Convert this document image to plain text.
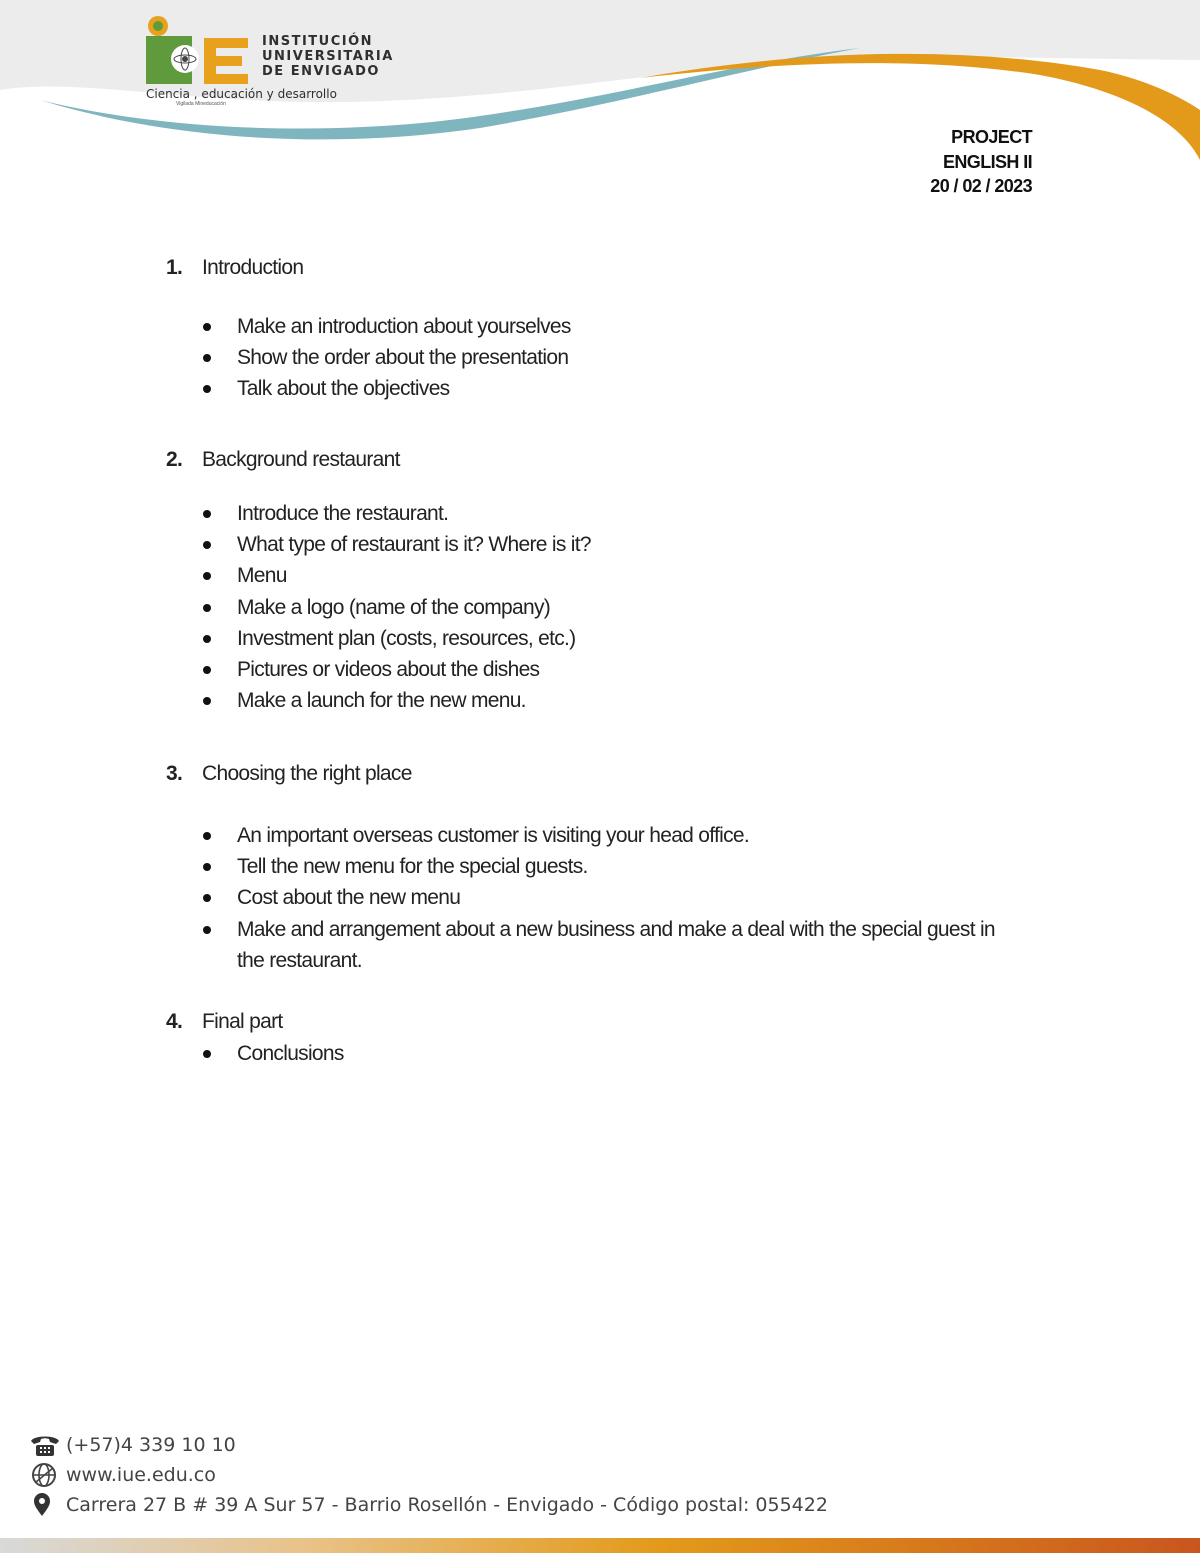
INSTITUCIÓN
UNIVERSITARIA
DE ENVIGADO
Ciencia , educación y desarrollo
Vigilada Mineducación
PROJECT
ENGLISH II
20 / 02 / 2023
1. Introduction
Make an introduction about yourselves
Show the order about the presentation
Talk about the objectives
2. Background restaurant
Introduce the restaurant.
What type of restaurant is it? Where is it?
Menu
Make a logo (name of the company)
Investment plan (costs, resources, etc.)
Pictures or videos about the dishes
Make a launch for the new menu.
3. Choosing the right place
An important overseas customer is visiting your head office.
Tell the new menu for the special guests.
Cost about the new menu
Make and arrangement about a new business and make a deal with the special guest in the restaurant.
4. Final part
Conclusions
(+57)4 339 10 10
www.iue.edu.co
Carrera 27 B # 39 A Sur 57 - Barrio Rosellón - Envigado - Código postal: 055422
